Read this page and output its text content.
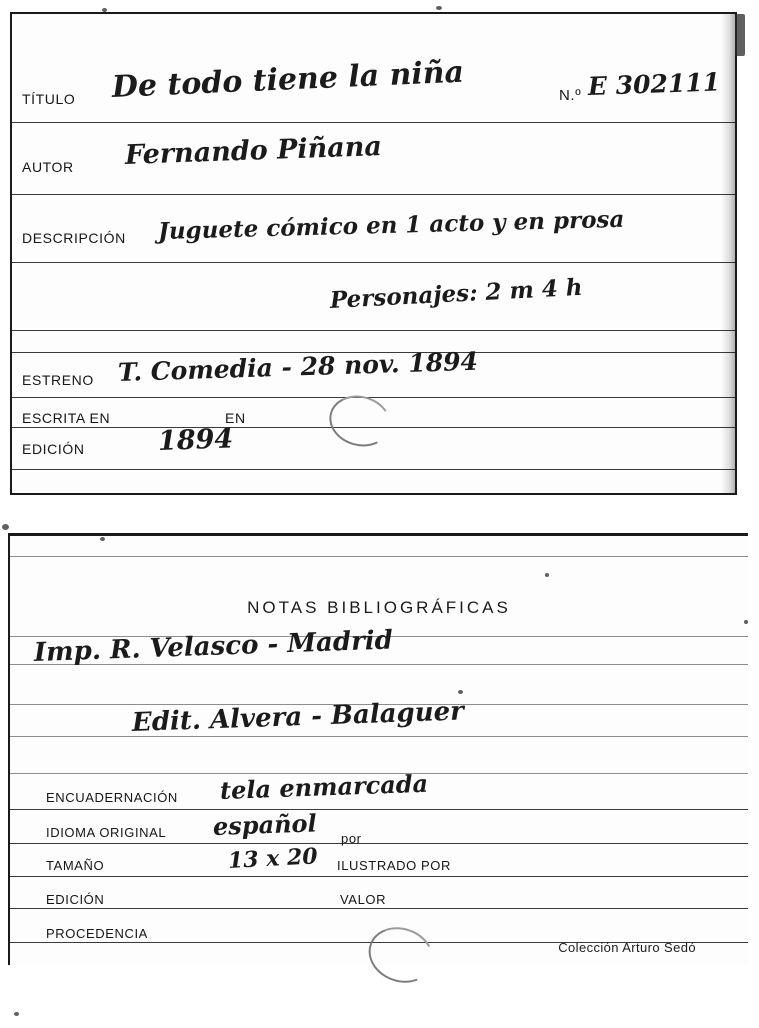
TÍTULO De todo tiene la niña	N.º E 302111
AUTOR Fernando Piñana
DESCRIPCIÓN Juguete cómico en 1 acto y en prosa
Personajes: 2 m 4 h
ESTRENO T. Comedia - 28 nov. 1894
ESCRITA EN	EN
EDICIÓN	1894
NOTAS BIBLIOGRÁFICAS
Imp. R. Velasco - Madrid
Edit. Alvera - Balaguer
ENCUADERNACIÓN tela enmarcada
IDIOMA ORIGINAL español por
TAMAÑO	13 x 20 ILUSTRADO POR
EDICIÓN	VALOR
PROCEDENCIA
Colección Arturo Sedó
